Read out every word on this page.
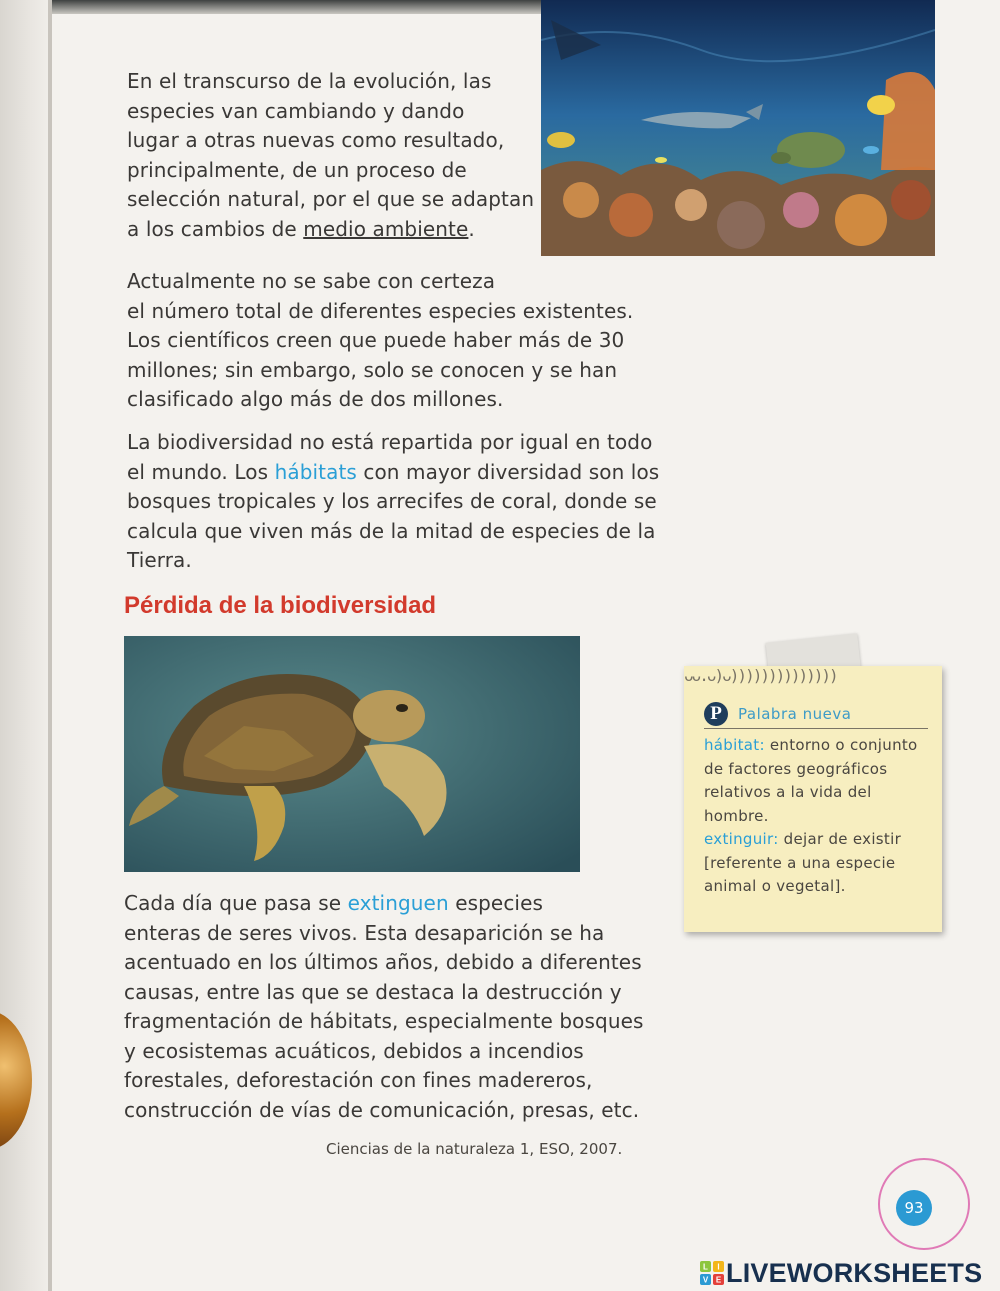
En el transcurso de la evolución, las
especies van cambiando y dando
lugar a otras nuevas como resultado,
principalmente, de un proceso de
selección natural, por el que se adaptan
a los cambios de medio ambiente.

Actualmente no se sabe con certeza
el número total de diferentes especies existentes.
Los científicos creen que puede haber más de 30
millones; sin embargo, solo se conocen y se han
clasificado algo más de dos millones.

La biodiversidad no está repartida por igual en todo
el mundo. Los hábitats con mayor diversidad son los
bosques tropicales y los arrecifes de coral, donde se
calcula que viven más de la mitad de especies de la
Tierra.

Pérdida de la biodiversidad

Cada día que pasa se extinguen especies
enteras de seres vivos. Esta desaparición se ha
acentuado en los últimos años, debido a diferentes
causas, entre las que se destaca la destrucción y
fragmentación de hábitats, especialmente bosques
y ecosistemas acuáticos, debidos a incendios
forestales, deforestación con fines madereros,
construcción de vías de comunicación, presas, etc.

Ciencias de la naturaleza 1, ESO, 2007.

ᴗᴗ.ᴗ)ᴗ))))))))))))))
P	Palabra nueva

hábitat: entorno o conjunto de factores geográficos relativos a la vida del hombre.
extinguir: dejar de existir [referente a una especie animal o vegetal].

93
L I
V E LIVEWORKSHEETS
